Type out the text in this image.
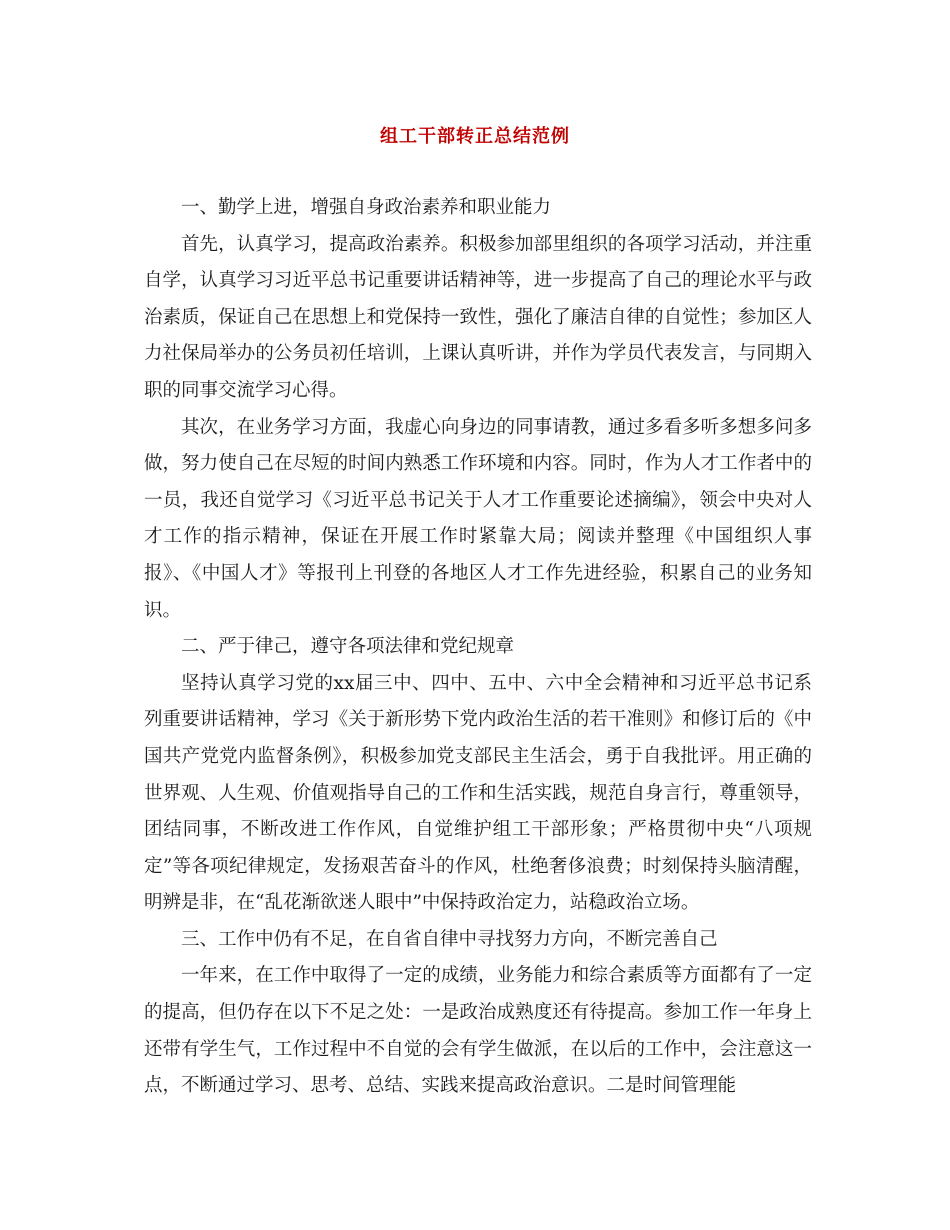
组工干部转正总结范例

一、勤学上进，增强自身政治素养和职业能力

首先，认真学习，提高政治素养。积极参加部里组织的各项学习活动，并注重自学，认真学习习近平总书记重要讲话精神等，进一步提高了自己的理论水平与政治素质，保证自己在思想上和党保持一致性，强化了廉洁自律的自觉性；参加区人力社保局举办的公务员初任培训，上课认真听讲，并作为学员代表发言，与同期入职的同事交流学习心得。

其次，在业务学习方面，我虚心向身边的同事请教，通过多看多听多想多问多做，努力使自己在尽短的时间内熟悉工作环境和内容。同时，作为人才工作者中的一员，我还自觉学习《习近平总书记关于人才工作重要论述摘编》，领会中央对人才工作的指示精神，保证在开展工作时紧靠大局；阅读并整理《中国组织人事报》、《中国人才》等报刊上刊登的各地区人才工作先进经验，积累自己的业务知识。

二、严于律己，遵守各项法律和党纪规章

坚持认真学习党的xx届三中、四中、五中、六中全会精神和习近平总书记系列重要讲话精神，学习《关于新形势下党内政治生活的若干准则》和修订后的《中国共产党党内监督条例》，积极参加党支部民主生活会，勇于自我批评。用正确的世界观、人生观、价值观指导自己的工作和生活实践，规范自身言行，尊重领导，团结同事，不断改进工作作风，自觉维护组工干部形象；严格贯彻中央“八项规定”等各项纪律规定，发扬艰苦奋斗的作风，杜绝奢侈浪费；时刻保持头脑清醒，明辨是非，在“乱花渐欲迷人眼中”中保持政治定力，站稳政治立场。

三、工作中仍有不足，在自省自律中寻找努力方向，不断完善自己

一年来，在工作中取得了一定的成绩，业务能力和综合素质等方面都有了一定的提高，但仍存在以下不足之处：一是政治成熟度还有待提高。参加工作一年身上还带有学生气，工作过程中不自觉的会有学生做派，在以后的工作中，会注意这一点，不断通过学习、思考、总结、实践来提高政治意识。二是时间管理能
